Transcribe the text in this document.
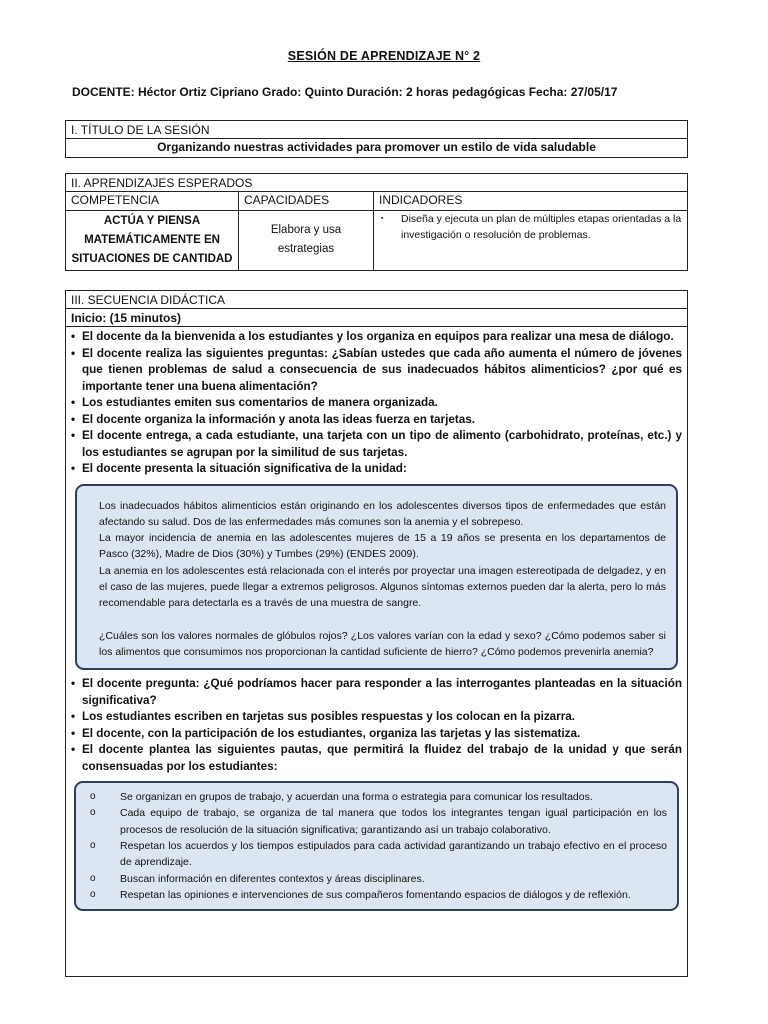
SESIÓN DE APRENDIZAJE N° 2
DOCENTE: Héctor Ortiz Cipriano Grado: Quinto Duración: 2 horas pedagógicas Fecha: 27/05/17
I. TÍTULO DE LA SESIÓN
Organizando nuestras actividades para promover un estilo de vida saludable
II. APRENDIZAJES ESPERADOS
COMPETENCIA	CAPACIDADES	INDICADORES
ACTÚA Y PIENSA MATEMÁTICAMENTE EN SITUACIONES DE CANTIDAD	Elabora y usa estrategias	▪ Diseña y ejecuta un plan de múltiples etapas orientadas a la investigación o resolución de problemas.
III. SECUENCIA DIDÁCTICA
Inicio: (15 minutos)
• El docente da la bienvenida a los estudiantes y los organiza en equipos para realizar una mesa de diálogo.
• El docente realiza las siguientes preguntas: ¿Sabían ustedes que cada año aumenta el número de jóvenes que tienen problemas de salud a consecuencia de sus inadecuados hábitos alimenticios? ¿por qué es importante tener una buena alimentación?
• Los estudiantes emiten sus comentarios de manera organizada.
• El docente organiza la información y anota las ideas fuerza en tarjetas.
• El docente entrega, a cada estudiante, una tarjeta con un tipo de alimento (carbohidrato, proteínas, etc.) y los estudiantes se agrupan por la similitud de sus tarjetas.
• El docente presenta la situación significativa de la unidad:
Los inadecuados hábitos alimenticios están originando en los adolescentes diversos tipos de enfermedades que están afectando su salud. Dos de las enfermedades más comunes son la anemia y el sobrepeso.
La mayor incidencia de anemia en las adolescentes mujeres de 15 a 19 años se presenta en los departamentos de Pasco (32%), Madre de Dios (30%) y Tumbes (29%) (ENDES 2009).
La anemia en los adolescentes está relacionada con el interés por proyectar una imagen estereotipada de delgadez, y en el caso de las mujeres, puede llegar a extremos peligrosos. Algunos síntomas externos pueden dar la alerta, pero lo más recomendable para detectarla es a través de una muestra de sangre.
¿Cuáles son los valores normales de glóbulos rojos? ¿Los valores varían con la edad y sexo? ¿Cómo podemos saber si los alimentos que consumimos nos proporcionan la cantidad suficiente de hierro? ¿Cómo podemos prevenirla anemia?
• El docente pregunta: ¿Qué podríamos hacer para responder a las interrogantes planteadas en la situación significativa?
• Los estudiantes escriben en tarjetas sus posibles respuestas y los colocan en la pizarra.
• El docente, con la participación de los estudiantes, organiza las tarjetas y las sistematiza.
• El docente plantea las siguientes pautas, que permitirá la fluidez del trabajo de la unidad y que serán consensuadas por los estudiantes:
o	Se organizan en grupos de trabajo, y acuerdan una forma o estrategia para comunicar los resultados.
o	Cada equipo de trabajo, se organiza de tal manera que todos los integrantes tengan igual participación en los procesos de resolución de la situación significativa; garantizando así un trabajo colaborativo.
o	Respetan los acuerdos y los tiempos estipulados para cada actividad garantizando un trabajo efectivo en el proceso de aprendizaje.
o	Buscan información en diferentes contextos y áreas disciplinares.
o	Respetan las opiniones e intervenciones de sus compañeros fomentando espacios de diálogos y de reflexión.
